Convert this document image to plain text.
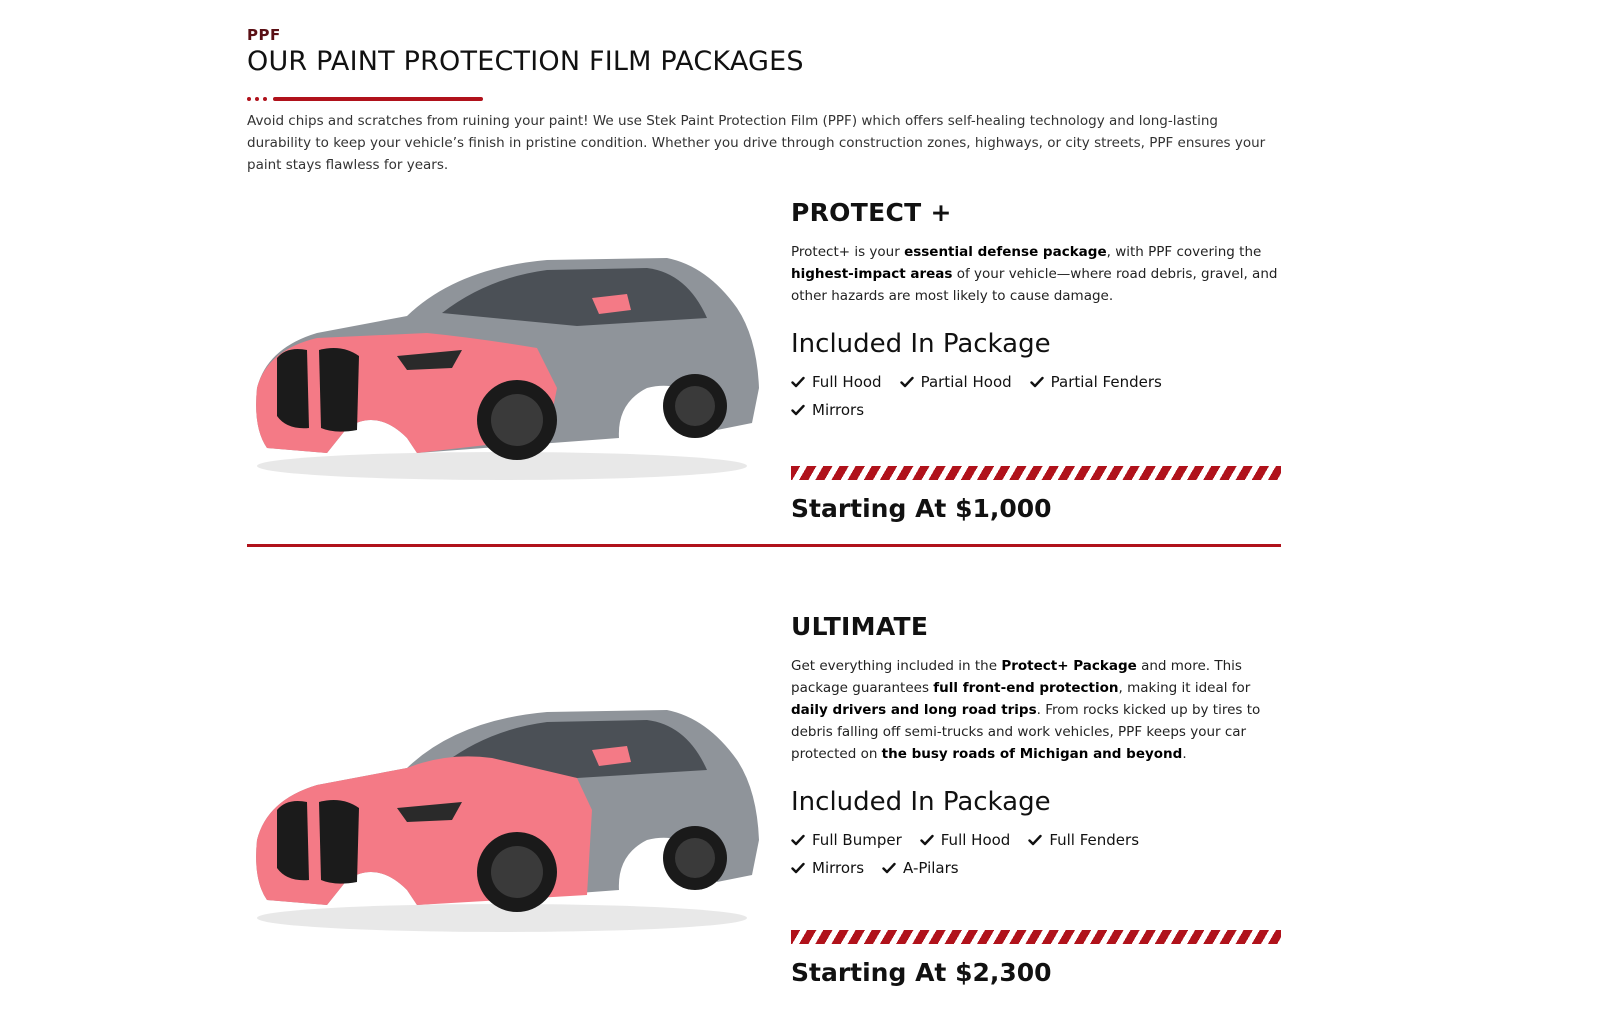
PPF
OUR PAINT PROTECTION FILM PACKAGES
Avoid chips and scratches from ruining your paint! We use Stek Paint Protection Film (PPF) which offers self-healing technology and long-lasting durability to keep your vehicle’s finish in pristine condition. Whether you drive through construction zones, highways, or city streets, PPF ensures your paint stays flawless for years.
PROTECT +
Protect+ is your essential defense package, with PPF covering the highest-impact areas of your vehicle—where road debris, gravel, and other hazards are most likely to cause damage.
Included In Package
Full Hood	Partial Hood	Partial Fenders
Mirrors
Starting At $1,000
ULTIMATE
Get everything included in the Protect+ Package and more. This package guarantees full front-end protection, making it ideal for daily drivers and long road trips. From rocks kicked up by tires to debris falling off semi-trucks and work vehicles, PPF keeps your car protected on the busy roads of Michigan and beyond.
Included In Package
Full Bumper	Full Hood	Full Fenders
Mirrors	A-Pilars
Starting At $2,300
